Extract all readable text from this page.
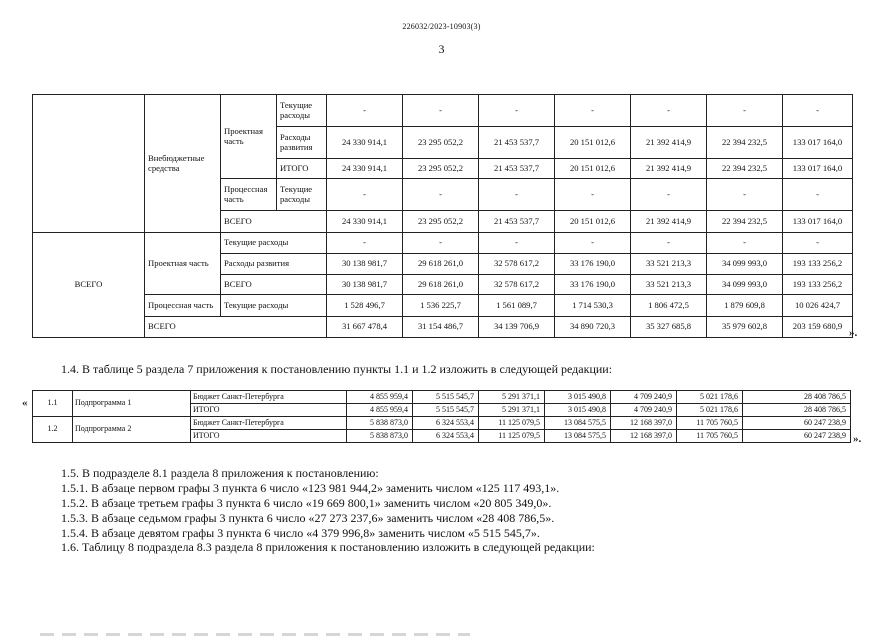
226032/2023-10903(3)
3
	Внебюджетные средства	Проектная часть	Текущие расходы	-	-	-	-	-	-	-
			Расходы развития	24 330 914,1	23 295 052,2	21 453 537,7	20 151 012,6	21 392 414,9	22 394 232,5	133 017 164,0
			ИТОГО	24 330 914,1	23 295 052,2	21 453 537,7	20 151 012,6	21 392 414,9	22 394 232,5	133 017 164,0
		Процессная часть	Текущие расходы	-	-	-	-	-	-	-
		ВСЕГО		24 330 914,1	23 295 052,2	21 453 537,7	20 151 012,6	21 392 414,9	22 394 232,5	133 017 164,0
ВСЕГО	Проектная часть	Текущие расходы		-	-	-	-	-	-	-
		Расходы развития		30 138 981,7	29 618 261,0	32 578 617,2	33 176 190,0	33 521 213,3	34 099 993,0	193 133 256,2
		ВСЕГО		30 138 981,7	29 618 261,0	32 578 617,2	33 176 190,0	33 521 213,3	34 099 993,0	193 133 256,2
	Процессная часть	Текущие расходы		1 528 496,7	1 536 225,7	1 561 089,7	1 714 530,3	1 806 472,5	1 879 609,8	10 026 424,7
	ВСЕГО			31 667 478,4	31 154 486,7	34 139 706,9	34 890 720,3	35 327 685,8	35 979 602,8	203 159 680,9
».
1.4. В таблице 5 раздела 7 приложения к постановлению пункты 1.1 и 1.2 изложить в следующей редакции:
«	1.1	Подпрограмма 1	Бюджет Санкт-Петербурга	4 855 959,4	5 515 545,7	5 291 371,1	3 015 490,8	4 709 240,9	5 021 178,6	28 408 786,5
		ИТОГО	4 855 959,4	5 515 545,7	5 291 371,1	3 015 490,8	4 709 240,9	5 021 178,6	28 408 786,5
1.2	Подпрограмма 2	Бюджет Санкт-Петербурга	5 838 873,0	6 324 553,4	11 125 079,5	13 084 575,5	12 168 397,0	11 705 760,5	60 247 238,9
		ИТОГО	5 838 873,0	6 324 553,4	11 125 079,5	13 084 575,5	12 168 397,0	11 705 760,5	60 247 238,9 ».
1.5. В подразделе 8.1 раздела 8 приложения к постановлению:
1.5.1. В абзаце первом графы 3 пункта 6 число «123 981 944,2» заменить числом «125 117 493,1».
1.5.2. В абзаце третьем графы 3 пункта 6 число «19 669 800,1» заменить числом «20 805 349,0».
1.5.3. В абзаце седьмом графы 3 пункта 6 число «27 273 237,6» заменить числом «28 408 786,5».
1.5.4. В абзаце девятом графы 3 пункта 6 число «4 379 996,8» заменить числом «5 515 545,7».
1.6. Таблицу 8 подраздела 8.3 раздела 8 приложения к постановлению изложить в следующей редакции:
